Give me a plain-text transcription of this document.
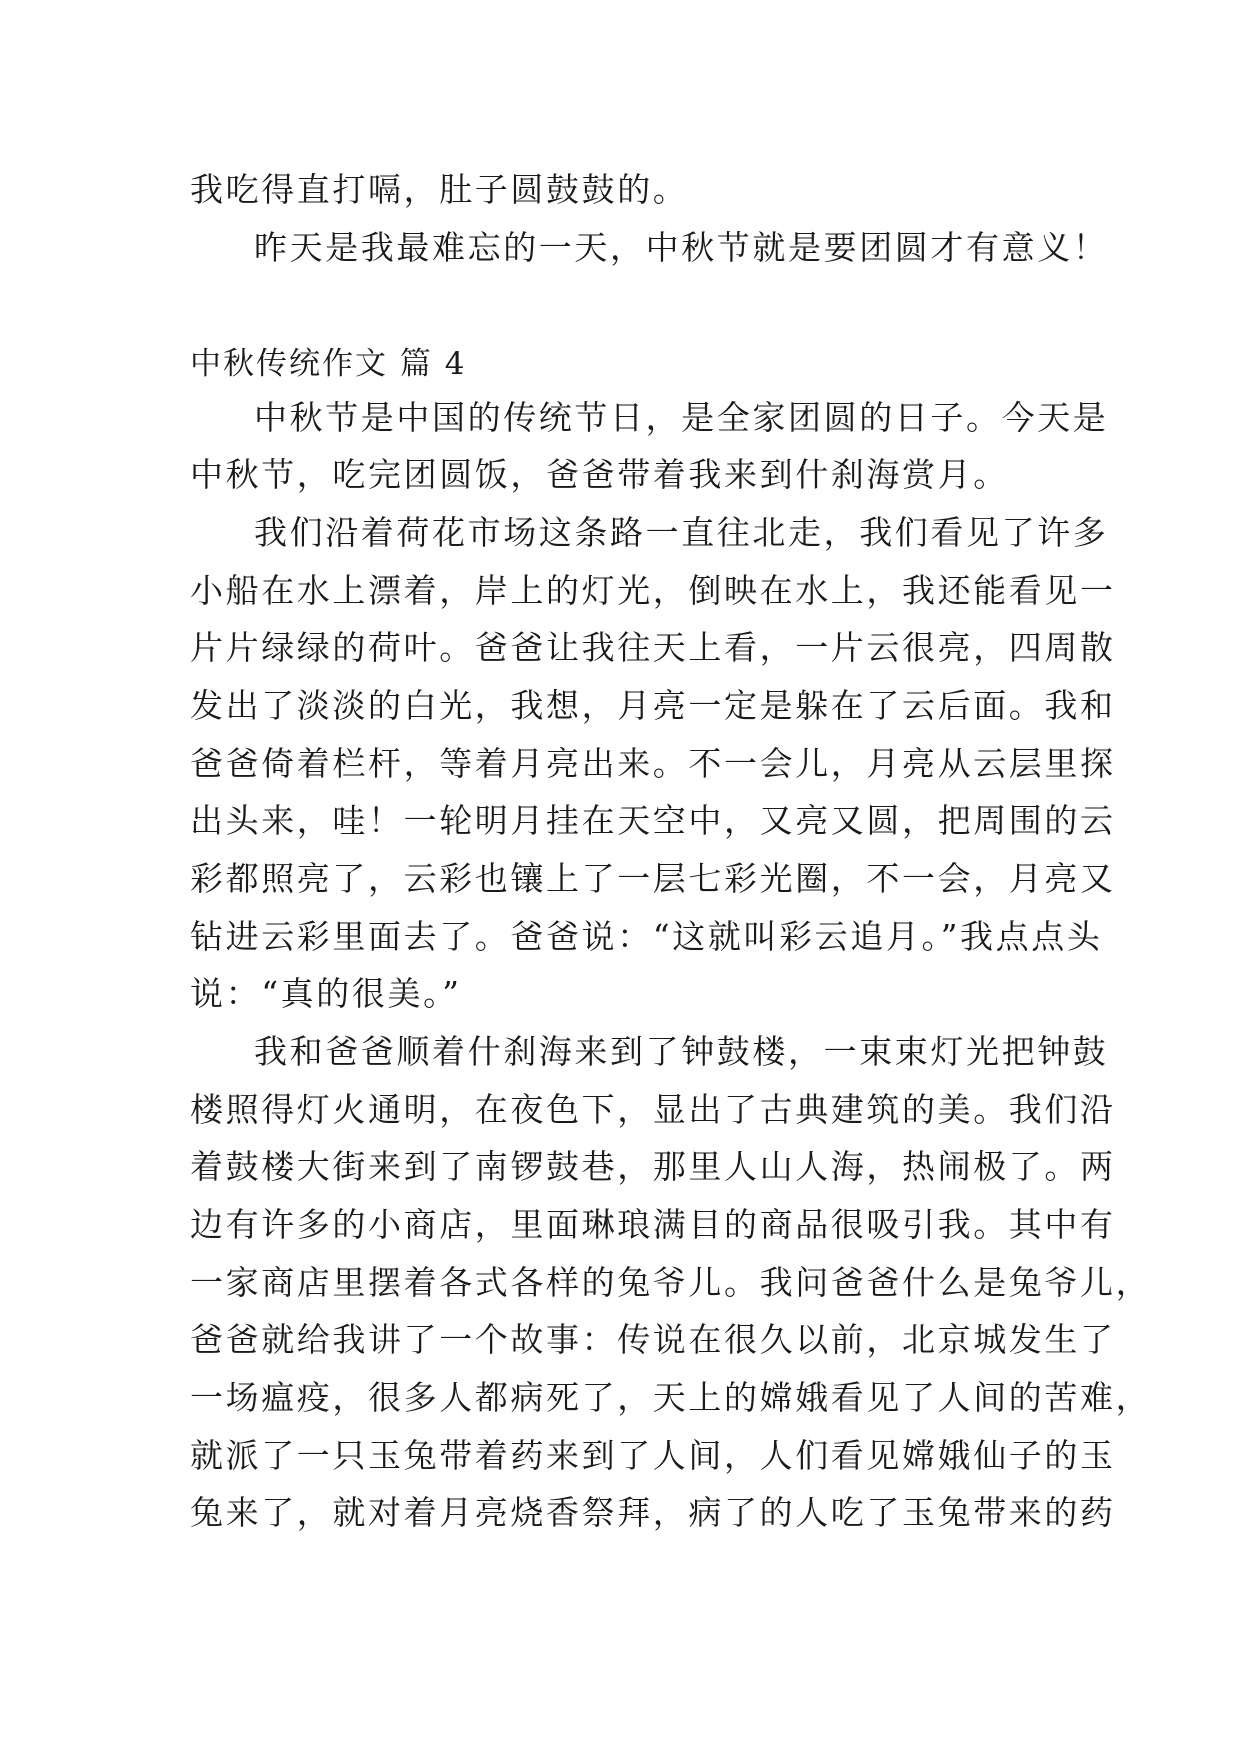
我吃得直打嗝，肚子圆鼓鼓的。

昨天是我最难忘的一天，中秋节就是要团圆才有意义！

中秋传统作文 篇 4

中秋节是中国的传统节日，是全家团圆的日子。今天是

中秋节，吃完团圆饭，爸爸带着我来到什刹海赏月。

我们沿着荷花市场这条路一直往北走，我们看见了许多

小船在水上漂着，岸上的灯光，倒映在水上，我还能看见一

片片绿绿的荷叶。爸爸让我往天上看，一片云很亮，四周散

发出了淡淡的白光，我想，月亮一定是躲在了云后面。我和

爸爸倚着栏杆，等着月亮出来。不一会儿，月亮从云层里探

出头来，哇！一轮明月挂在天空中，又亮又圆，把周围的云

彩都照亮了，云彩也镶上了一层七彩光圈，不一会，月亮又

钻进云彩里面去了。爸爸说：“这就叫彩云追月。”我点点头

说：“真的很美。”

我和爸爸顺着什刹海来到了钟鼓楼，一束束灯光把钟鼓

楼照得灯火通明，在夜色下，显出了古典建筑的美。我们沿

着鼓楼大街来到了南锣鼓巷，那里人山人海，热闹极了。两

边有许多的小商店，里面琳琅满目的商品很吸引我。其中有

一家商店里摆着各式各样的兔爷儿。我问爸爸什么是兔爷儿，

爸爸就给我讲了一个故事：传说在很久以前，北京城发生了

一场瘟疫，很多人都病死了，天上的嫦娥看见了人间的苦难，

就派了一只玉兔带着药来到了人间，人们看见嫦娥仙子的玉

兔来了，就对着月亮烧香祭拜，病了的人吃了玉兔带来的药
